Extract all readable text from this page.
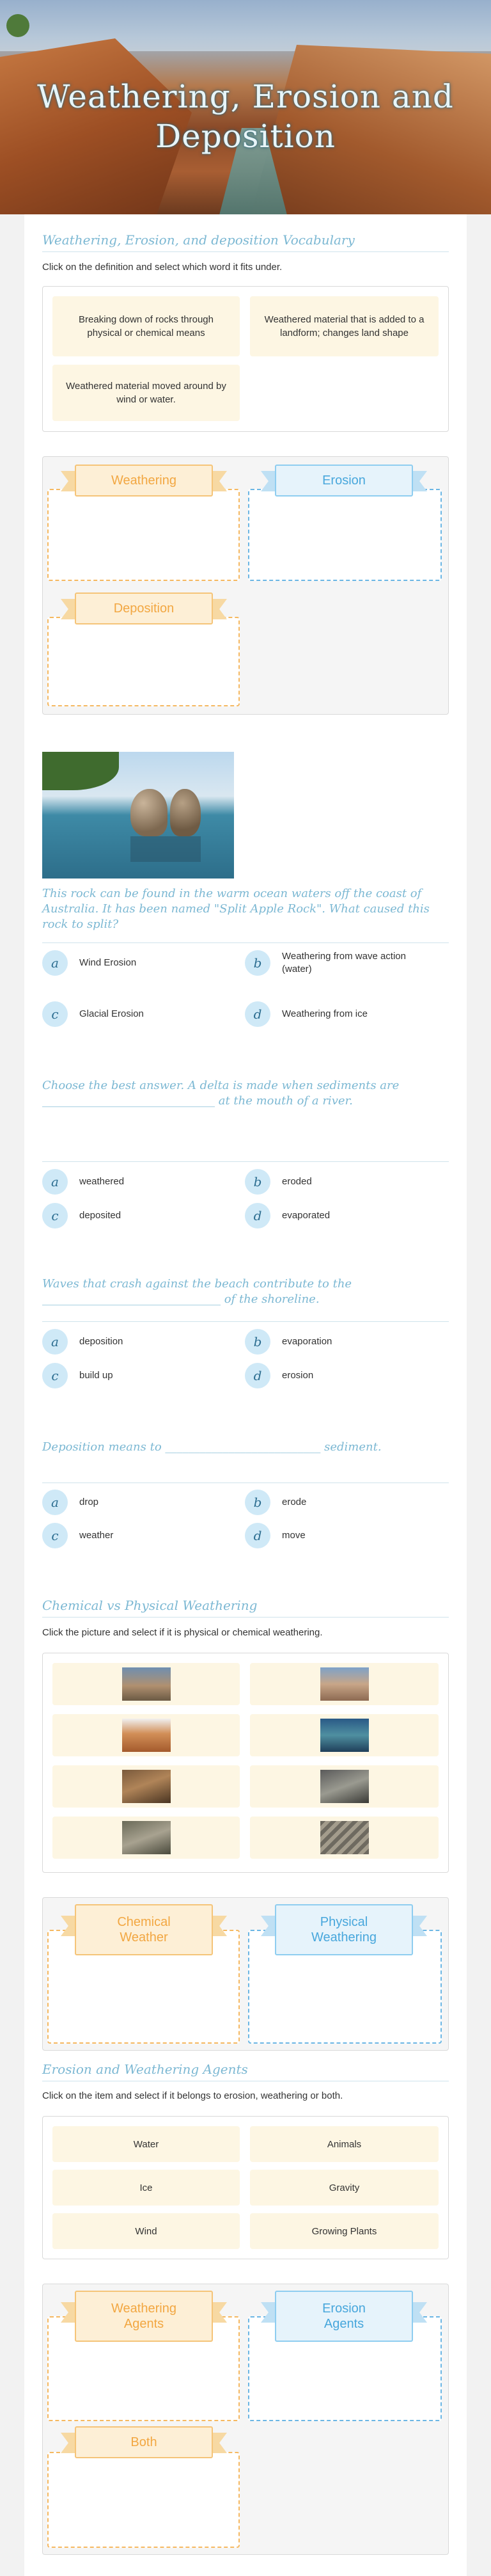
Weathering, Erosion and Deposition
Weathering, Erosion, and deposition Vocabulary
Click on the definition and select which word it fits under.
Breaking down of rocks through physical or chemical means
Weathered material that is added to a landform; changes land shape
Weathered material moved around by wind or water.
Weathering	Erosion
Deposition
This rock can be found in the warm ocean waters off the coast of Australia. It has been named "Split Apple Rock". What caused this rock to split?
a	Wind Erosion	b	Weathering from wave action (water)
c	Glacial Erosion	d	Weathering from ice
Choose the best answer. A delta is made when sediments are ______________________________ at the mouth of a river.
a	weathered	b	eroded
c	deposited	d	evaporated
Waves that crash against the beach contribute to the _______________________________ of the shoreline.
a	deposition	b	evaporation
c	build up	d	erosion
Deposition means to ___________________________ sediment.
a	drop	b	erode
c	weather	d	move
Chemical vs Physical Weathering
Click the picture and select if it is physical or chemical weathering.
Chemical Weather
Physical Weathering
Erosion and Weathering Agents
Click on the item and select if it belongs to erosion, weathering or both.
Water	Animals
Ice	Gravity
Wind	Growing Plants
Weathering Agents
Erosion Agents
Both
